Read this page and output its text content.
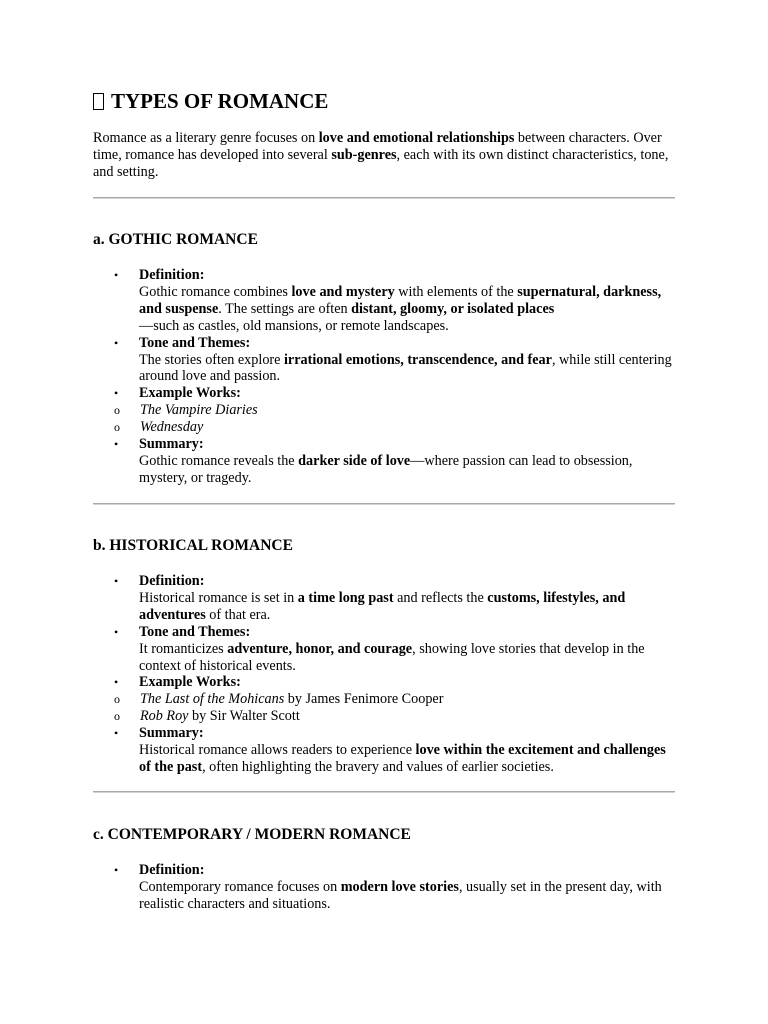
TYPES OF ROMANCE

Romance as a literary genre focuses on love and emotional relationships between characters. Over time, romance has developed into several sub-genres, each with its own distinct characteristics, tone, and setting.

a. GOTHIC ROMANCE
• Definition:
Gothic romance combines love and mystery with elements of the supernatural, darkness, and suspense. The settings are often distant, gloomy, or isolated places
—such as castles, old mansions, or remote landscapes.
• Tone and Themes:
The stories often explore irrational emotions, transcendence, and fear, while still centering around love and passion.
• Example Works:
o The Vampire Diaries
o Wednesday
• Summary:
Gothic romance reveals the darker side of love—where passion can lead to obsession, mystery, or tragedy.
b. HISTORICAL ROMANCE
• Definition:
Historical romance is set in a time long past and reflects the customs, lifestyles, and adventures of that era.
• Tone and Themes:
It romanticizes adventure, honor, and courage, showing love stories that develop in the context of historical events.
• Example Works:
o The Last of the Mohicans by James Fenimore Cooper
o Rob Roy by Sir Walter Scott
• Summary:
Historical romance allows readers to experience love within the excitement and challenges of the past, often highlighting the bravery and values of earlier societies.
c. CONTEMPORARY / MODERN ROMANCE
• Definition:
Contemporary romance focuses on modern love stories, usually set in the present day, with realistic characters and situations.
